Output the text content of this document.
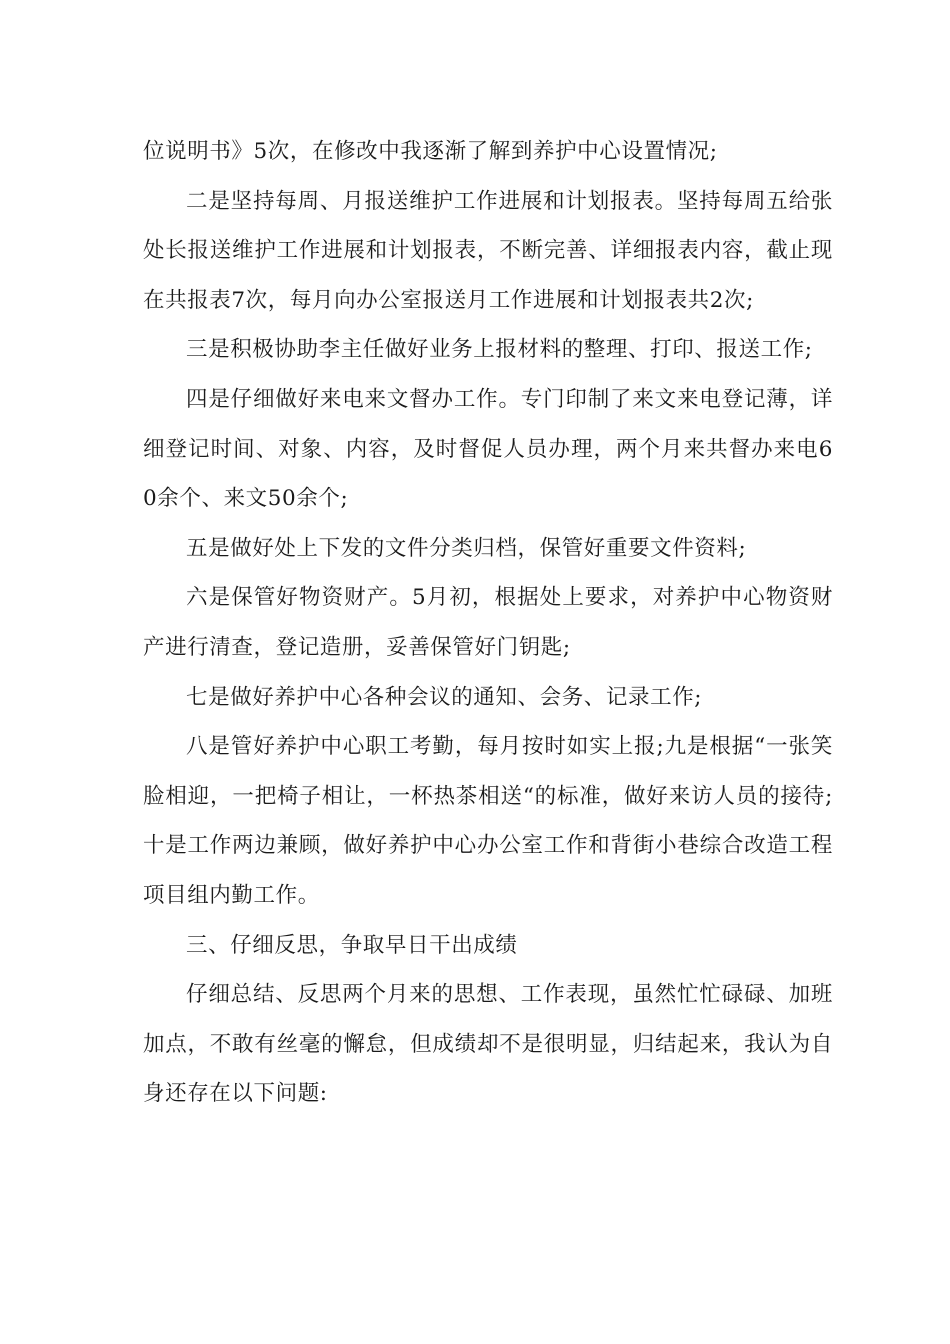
位说明书》5次，在修改中我逐渐了解到养护中心设置情况;

二是坚持每周、月报送维护工作进展和计划报表。坚持每周五给张处长报送维护工作进展和计划报表，不断完善、详细报表内容，截止现在共报表7次，每月向办公室报送月工作进展和计划报表共2次;

三是积极协助李主任做好业务上报材料的整理、打印、报送工作;

四是仔细做好来电来文督办工作。专门印制了来文来电登记薄，详细登记时间、对象、内容，及时督促人员办理，两个月来共督办来电60余个、来文50余个;

五是做好处上下发的文件分类归档，保管好重要文件资料;

六是保管好物资财产。5月初，根据处上要求，对养护中心物资财产进行清查，登记造册，妥善保管好门钥匙;

七是做好养护中心各种会议的通知、会务、记录工作;

八是管好养护中心职工考勤，每月按时如实上报;九是根据“一张笑脸相迎，一把椅子相让，一杯热茶相送“的标准，做好来访人员的接待;十是工作两边兼顾，做好养护中心办公室工作和背街小巷综合改造工程项目组内勤工作。

三、仔细反思，争取早日干出成绩

仔细总结、反思两个月来的思想、工作表现，虽然忙忙碌碌、加班加点，不敢有丝毫的懈怠，但成绩却不是很明显，归结起来，我认为自身还存在以下问题:
